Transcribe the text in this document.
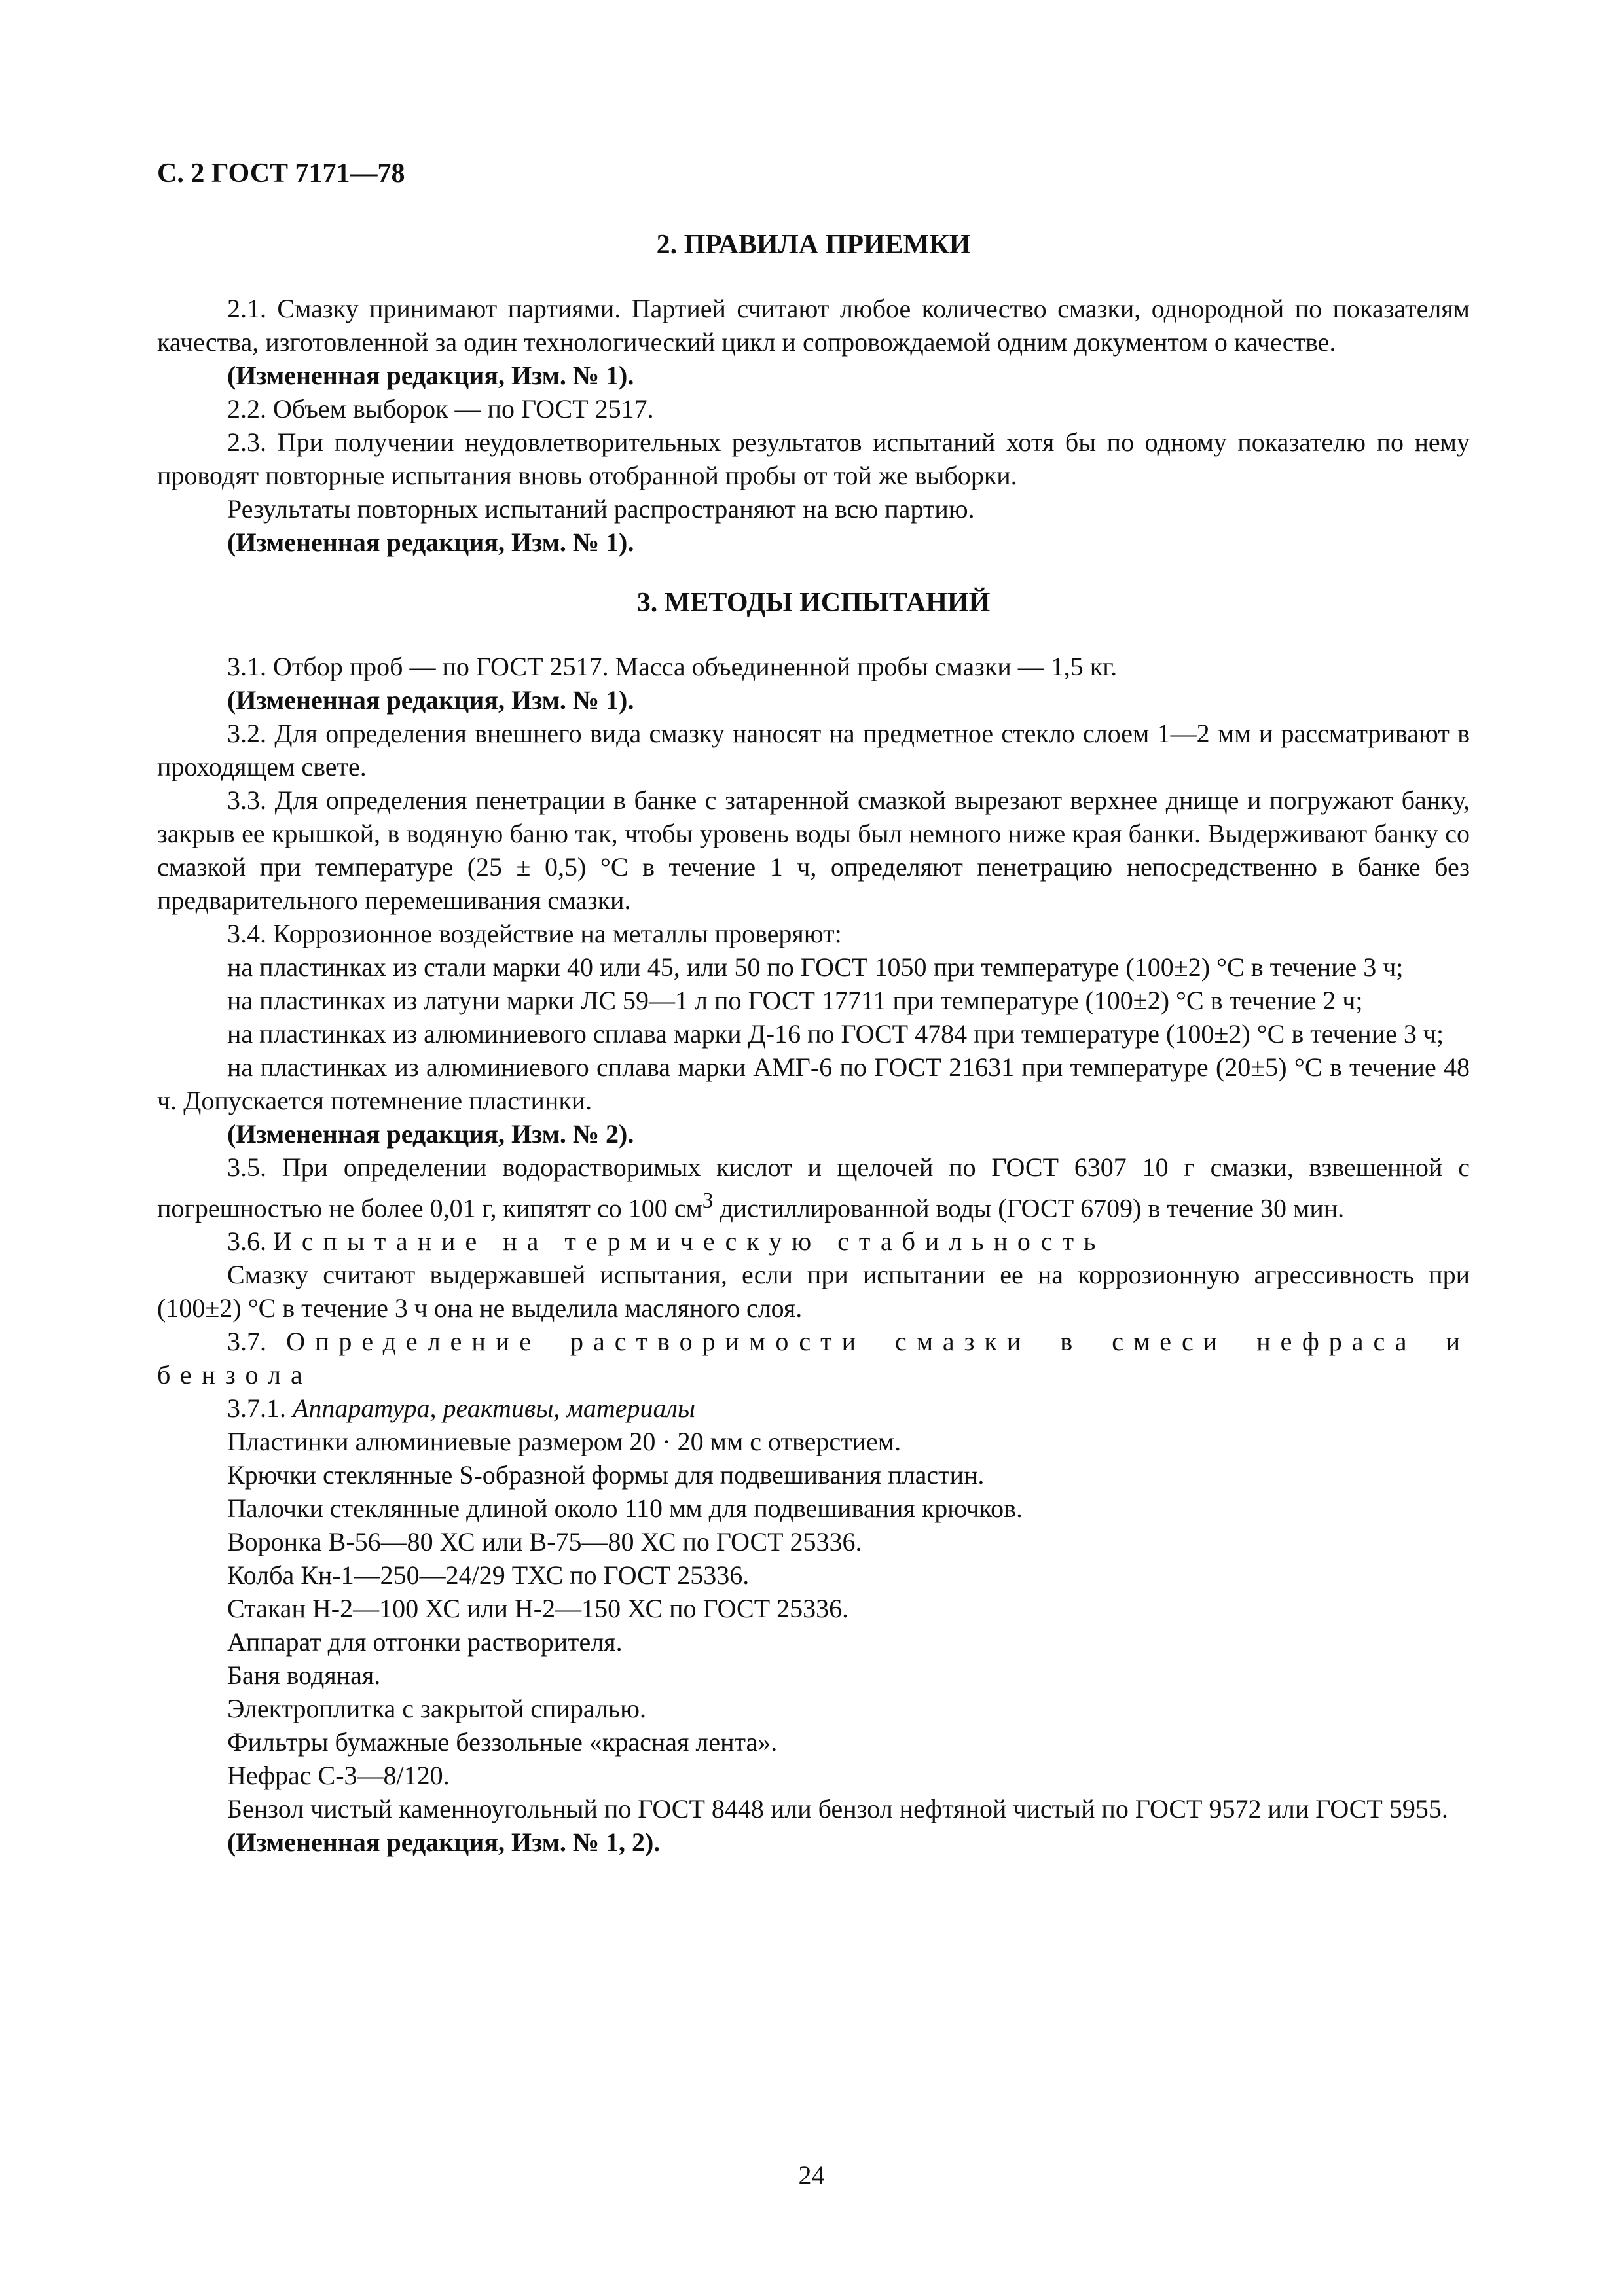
С. 2 ГОСТ 7171—78
2. ПРАВИЛА ПРИЕМКИ

2.1. Смазку принимают партиями. Партией считают любое количество смазки, однородной по показателям качества, изготовленной за один технологический цикл и сопровождаемой одним документом о качестве.

(Измененная редакция, Изм. № 1).

2.2. Объем выборок — по ГОСТ 2517.

2.3. При получении неудовлетворительных результатов испытаний хотя бы по одному показателю по нему проводят повторные испытания вновь отобранной пробы от той же выборки.

Результаты повторных испытаний распространяют на всю партию.

(Измененная редакция, Изм. № 1).

3. МЕТОДЫ ИСПЫТАНИЙ

3.1. Отбор проб — по ГОСТ 2517. Масса объединенной пробы смазки — 1,5 кг.

(Измененная редакция, Изм. № 1).

3.2. Для определения внешнего вида смазку наносят на предметное стекло слоем 1—2 мм и рассматривают в проходящем свете.

3.3. Для определения пенетрации в банке с затаренной смазкой вырезают верхнее днище и погружают банку, закрыв ее крышкой, в водяную баню так, чтобы уровень воды был немного ниже края банки. Выдерживают банку со смазкой при температуре (25 ± 0,5) °С в течение 1 ч, определяют пенетрацию непосредственно в банке без предварительного перемешивания смазки.

3.4. Коррозионное воздействие на металлы проверяют:

на пластинках из стали марки 40 или 45, или 50 по ГОСТ 1050 при температуре (100±2) °С в течение 3 ч;

на пластинках из латуни марки ЛС 59—1 л по ГОСТ 17711 при температуре (100±2) °С в течение 2 ч;

на пластинках из алюминиевого сплава марки Д-16 по ГОСТ 4784 при температуре (100±2) °С в течение 3 ч;

на пластинках из алюминиевого сплава марки АМГ-6 по ГОСТ 21631 при температуре (20±5) °С в течение 48 ч. Допускается потемнение пластинки.

(Измененная редакция, Изм. № 2).

3.5. При определении водорастворимых кислот и щелочей по ГОСТ 6307 10 г смазки, взвешенной с погрешностью не более 0,01 г, кипятят со 100 $см^3$ дистиллированной воды (ГОСТ 6709) в течение 30 мин.

3.6. Испытание на термическую стабильность

Смазку считают выдержавшей испытания, если при испытании ее на коррозионную агрессивность при (100±2) °С в течение 3 ч она не выделила масляного слоя.

3.7. Определение растворимости смазки в смеси нефраса и бензола

3.7.1. Аппаратура, реактивы, материалы

Пластинки алюминиевые размером 20 · 20 мм с отверстием.

Крючки стеклянные S-образной формы для подвешивания пластин.

Палочки стеклянные длиной около 110 мм для подвешивания крючков.

Воронка В-56—80 ХС или В-75—80 ХС по ГОСТ 25336.

Колба Кн-1—250—24/29 ТХС по ГОСТ 25336.

Стакан Н-2—100 ХС или Н-2—150 ХС по ГОСТ 25336.

Аппарат для отгонки растворителя.

Баня водяная.

Электроплитка с закрытой спиралью.

Фильтры бумажные беззольные «красная лента».

Нефрас С-3—8/120.

Бензол чистый каменноугольный по ГОСТ 8448 или бензол нефтяной чистый по ГОСТ 9572 или ГОСТ 5955.

(Измененная редакция, Изм. № 1, 2).

24
